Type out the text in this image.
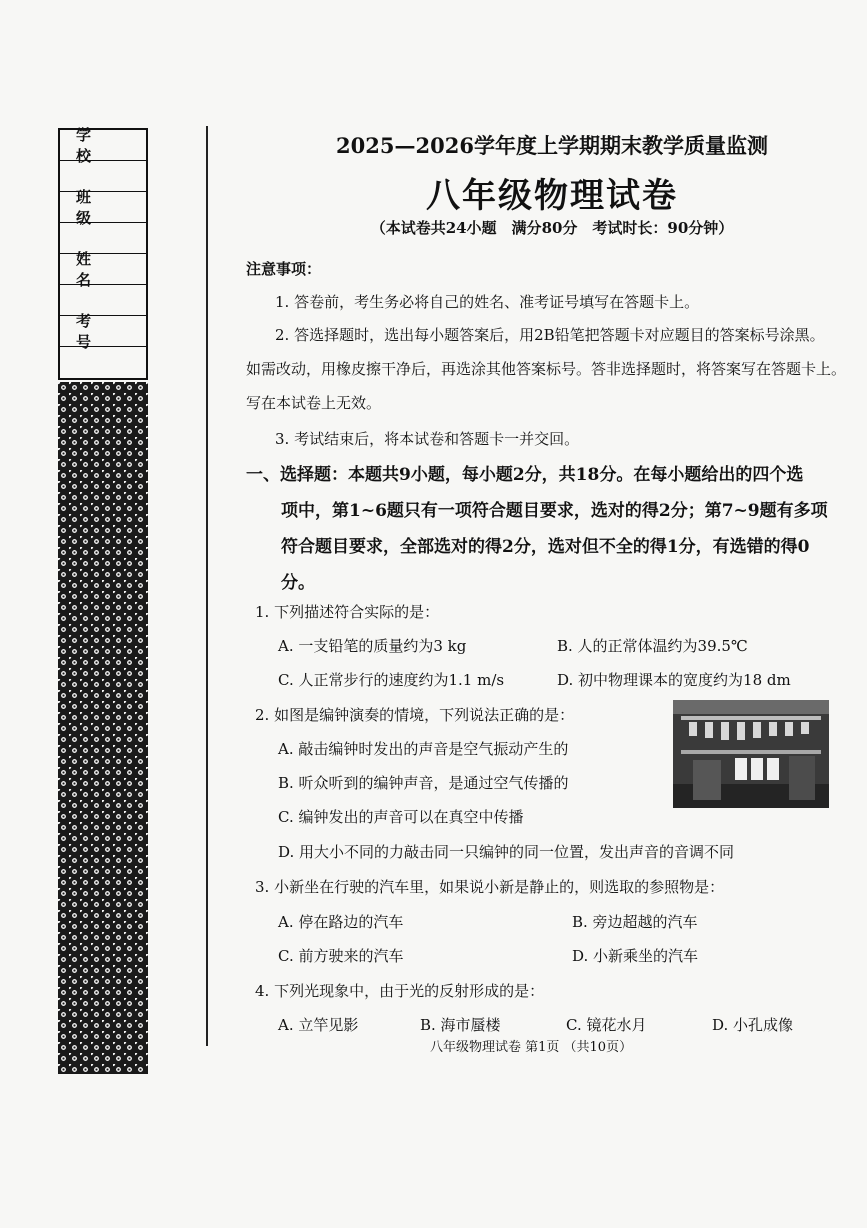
学　校
班　级
姓　名
考　号
2025—2026学年度上学期期末教学质量监测
八年级物理试卷
（本试卷共24小题　满分80分　考试时长：90分钟）
注意事项：
1. 答卷前，考生务必将自己的姓名、准考证号填写在答题卡上。
2. 答选择题时，选出每小题答案后，用2B铅笔把答题卡对应题目的答案标号涂黑。
如需改动，用橡皮擦干净后，再选涂其他答案标号。答非选择题时，将答案写在答题卡上。
写在本试卷上无效。
3. 考试结束后，将本试卷和答题卡一并交回。
一、选择题：本题共9小题，每小题2分，共18分。在每小题给出的四个选
项中，第1~6题只有一项符合题目要求，选对的得2分；第7~9题有多项
符合题目要求，全部选对的得2分，选对但不全的得1分，有选错的得0
分。
1. 下列描述符合实际的是：
A. 一支铅笔的质量约为3 kg	B. 人的正常体温约为39.5℃
C. 人正常步行的速度约为1.1 m/s	D. 初中物理课本的宽度约为18 dm
2. 如图是编钟演奏的情境，下列说法正确的是：
A. 敲击编钟时发出的声音是空气振动产生的
B. 听众听到的编钟声音，是通过空气传播的
C. 编钟发出的声音可以在真空中传播
D. 用大小不同的力敲击同一只编钟的同一位置，发出声音的音调不同
3. 小新坐在行驶的汽车里，如果说小新是静止的，则选取的参照物是：
A. 停在路边的汽车	B. 旁边超越的汽车
C. 前方驶来的汽车	D. 小新乘坐的汽车
4. 下列光现象中，由于光的反射形成的是：
A. 立竿见影	B. 海市蜃楼	C. 镜花水月	D. 小孔成像
八年级物理试卷 第1页 （共10页）
